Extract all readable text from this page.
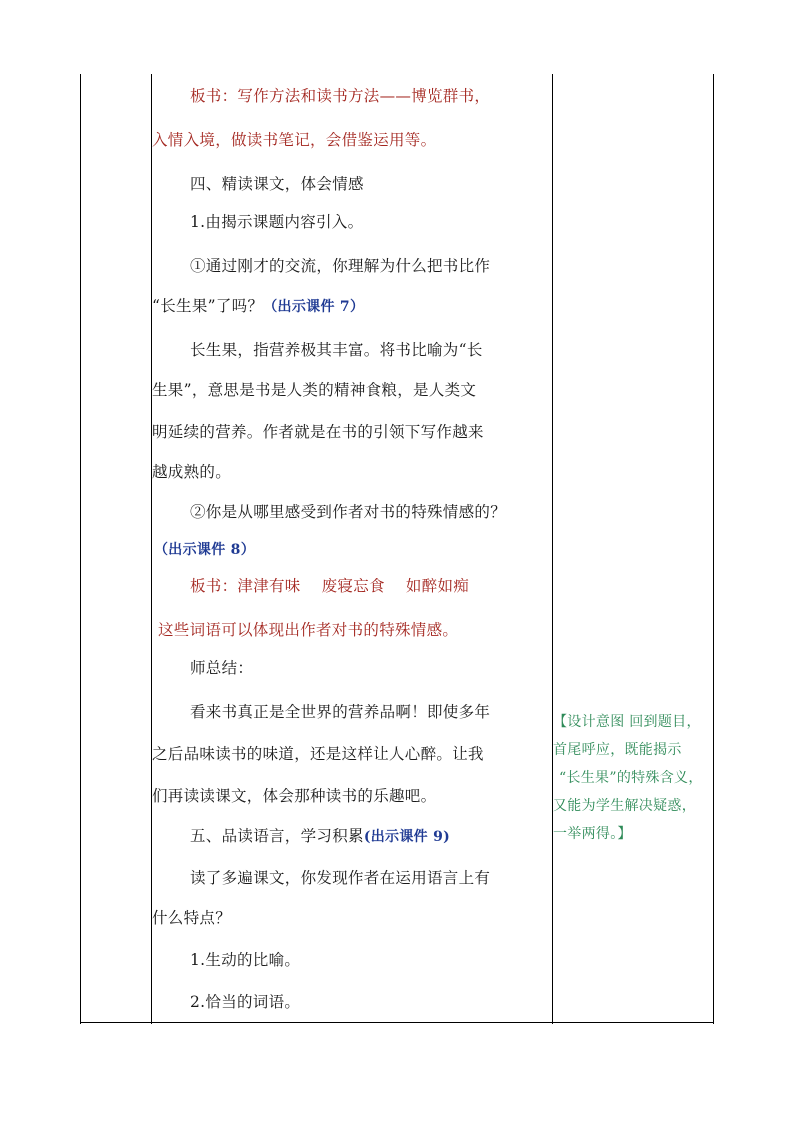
板书：写作方法和读书方法——博览群书，
入情入境，做读书笔记，会借鉴运用等。
四、精读课文，体会情感
1.由揭示课题内容引入。
①通过刚才的交流，你理解为什么把书比作
“长生果”了吗？（出示课件 7）
长生果，指营养极其丰富。将书比喻为“长
生果”，意思是书是人类的精神食粮，是人类文
明延续的营养。作者就是在书的引领下写作越来
越成熟的。
②你是从哪里感受到作者对书的特殊情感的？
（出示课件 8）
板书：津津有味　 废寝忘食　 如醉如痴
这些词语可以体现出作者对书的特殊情感。
师总结：
看来书真正是全世界的营养品啊！即使多年
之后品味读书的味道，还是这样让人心醉。让我
们再读读课文，体会那种读书的乐趣吧。
五、品读语言，学习积累(出示课件 9)
读了多遍课文，你发现作者在运用语言上有
什么特点？
1.生动的比喻。
2.恰当的词语。
【设计意图 回到题目，
首尾呼应，既能揭示
“长生果”的特殊含义，
又能为学生解决疑惑，
一举两得。】
